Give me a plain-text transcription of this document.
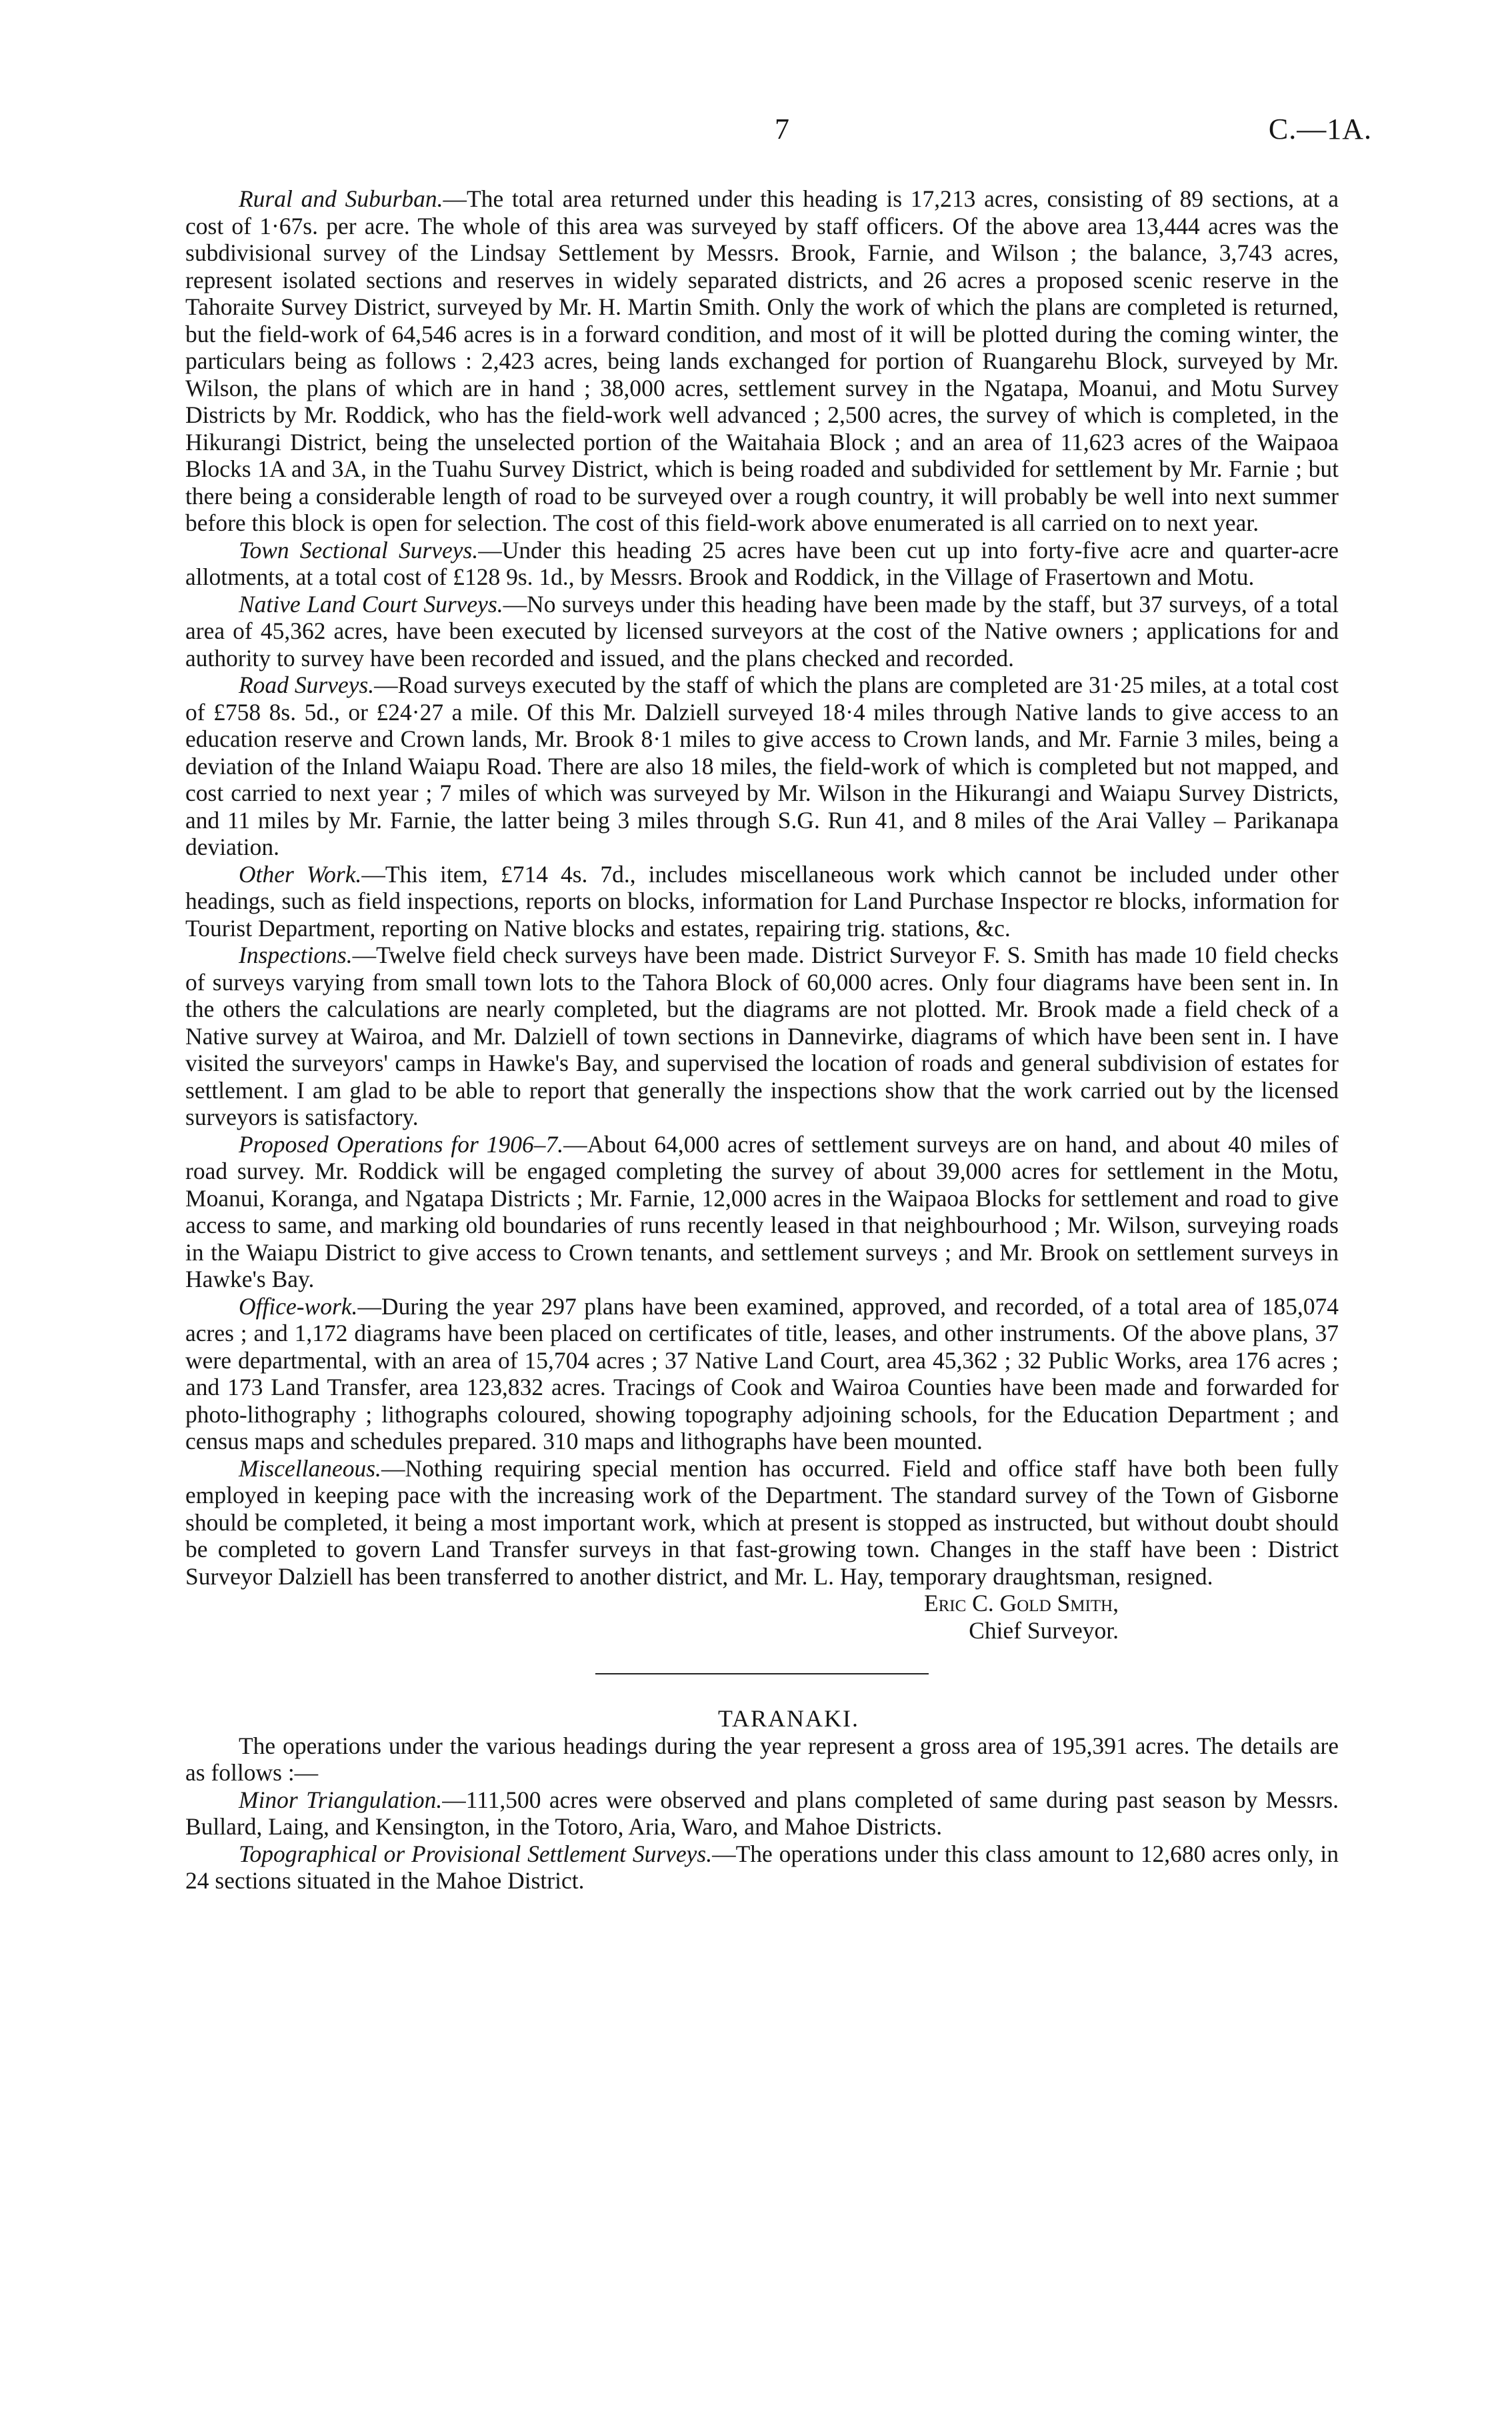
7	C.—1A.

Rural and Suburban.—The total area returned under this heading is 17,213 acres, consisting of 89 sections, at a cost of 1·67s. per acre. The whole of this area was surveyed by staff officers. Of the above area 13,444 acres was the subdivisional survey of the Lindsay Settlement by Messrs. Brook, Farnie, and Wilson ; the balance, 3,743 acres, represent isolated sections and reserves in widely separated districts, and 26 acres a proposed scenic reserve in the Tahoraite Survey District, surveyed by Mr. H. Martin Smith. Only the work of which the plans are completed is returned, but the field-work of 64,546 acres is in a forward condition, and most of it will be plotted during the coming winter, the particulars being as follows : 2,423 acres, being lands exchanged for portion of Ruangarehu Block, surveyed by Mr. Wilson, the plans of which are in hand ; 38,000 acres, settlement survey in the Ngatapa, Moanui, and Motu Survey Districts by Mr. Roddick, who has the field-work well advanced ; 2,500 acres, the survey of which is completed, in the Hikurangi District, being the unselected portion of the Waitahaia Block ; and an area of 11,623 acres of the Waipaoa Blocks 1A and 3A, in the Tuahu Survey District, which is being roaded and subdivided for settlement by Mr. Farnie ; but there being a considerable length of road to be surveyed over a rough country, it will probably be well into next summer before this block is open for selection. The cost of this field-work above enumerated is all carried on to next year.

Town Sectional Surveys.—Under this heading 25 acres have been cut up into forty-five acre and quarter-acre allotments, at a total cost of £128 9s. 1d., by Messrs. Brook and Roddick, in the Village of Frasertown and Motu.

Native Land Court Surveys.—No surveys under this heading have been made by the staff, but 37 surveys, of a total area of 45,362 acres, have been executed by licensed surveyors at the cost of the Native owners ; applications for and authority to survey have been recorded and issued, and the plans checked and recorded.

Road Surveys.—Road surveys executed by the staff of which the plans are completed are 31·25 miles, at a total cost of £758 8s. 5d., or £24·27 a mile. Of this Mr. Dalziell surveyed 18·4 miles through Native lands to give access to an education reserve and Crown lands, Mr. Brook 8·1 miles to give access to Crown lands, and Mr. Farnie 3 miles, being a deviation of the Inland Waiapu Road. There are also 18 miles, the field-work of which is completed but not mapped, and cost carried to next year ; 7 miles of which was surveyed by Mr. Wilson in the Hikurangi and Waiapu Survey Districts, and 11 miles by Mr. Farnie, the latter being 3 miles through S.G. Run 41, and 8 miles of the Arai Valley – Parikanapa deviation.

Other Work.—This item, £714 4s. 7d., includes miscellaneous work which cannot be included under other headings, such as field inspections, reports on blocks, information for Land Purchase Inspector re blocks, information for Tourist Department, reporting on Native blocks and estates, repairing trig. stations, &c.

Inspections.—Twelve field check surveys have been made. District Surveyor F. S. Smith has made 10 field checks of surveys varying from small town lots to the Tahora Block of 60,000 acres. Only four diagrams have been sent in. In the others the calculations are nearly completed, but the diagrams are not plotted. Mr. Brook made a field check of a Native survey at Wairoa, and Mr. Dalziell of town sections in Dannevirke, diagrams of which have been sent in. I have visited the surveyors' camps in Hawke's Bay, and supervised the location of roads and general subdivision of estates for settlement. I am glad to be able to report that generally the inspections show that the work carried out by the licensed surveyors is satisfactory.

Proposed Operations for 1906–7.—About 64,000 acres of settlement surveys are on hand, and about 40 miles of road survey. Mr. Roddick will be engaged completing the survey of about 39,000 acres for settlement in the Motu, Moanui, Koranga, and Ngatapa Districts ; Mr. Farnie, 12,000 acres in the Waipaoa Blocks for settlement and road to give access to same, and marking old boundaries of runs recently leased in that neighbourhood ; Mr. Wilson, surveying roads in the Waiapu District to give access to Crown tenants, and settlement surveys ; and Mr. Brook on settlement surveys in Hawke's Bay.

Office-work.—During the year 297 plans have been examined, approved, and recorded, of a total area of 185,074 acres ; and 1,172 diagrams have been placed on certificates of title, leases, and other instruments. Of the above plans, 37 were departmental, with an area of 15,704 acres ; 37 Native Land Court, area 45,362 ; 32 Public Works, area 176 acres ; and 173 Land Transfer, area 123,832 acres. Tracings of Cook and Wairoa Counties have been made and forwarded for photo-lithography ; lithographs coloured, showing topography adjoining schools, for the Education Department ; and census maps and schedules prepared. 310 maps and lithographs have been mounted.

Miscellaneous.—Nothing requiring special mention has occurred. Field and office staff have both been fully employed in keeping pace with the increasing work of the Department. The standard survey of the Town of Gisborne should be completed, it being a most important work, which at present is stopped as instructed, but without doubt should be completed to govern Land Transfer surveys in that fast-growing town. Changes in the staff have been : District Surveyor Dalziell has been transferred to another district, and Mr. L. Hay, temporary draughtsman, resigned.

Eric C. Gold Smith,

Chief Surveyor.

TARANAKI.

The operations under the various headings during the year represent a gross area of 195,391 acres. The details are as follows :—

Minor Triangulation.—111,500 acres were observed and plans completed of same during past season by Messrs. Bullard, Laing, and Kensington, in the Totoro, Aria, Waro, and Mahoe Districts.

Topographical or Provisional Settlement Surveys.—The operations under this class amount to 12,680 acres only, in 24 sections situated in the Mahoe District.
